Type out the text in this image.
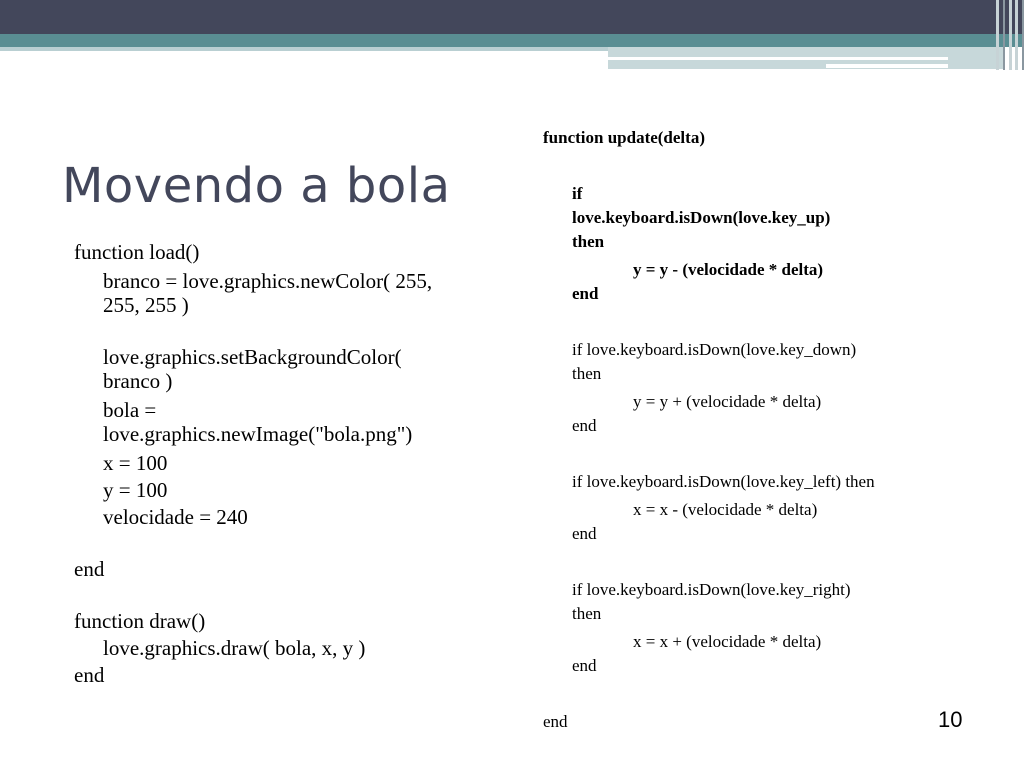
Movendo a bola
function load()
branco = love.graphics.newColor( 255,
255, 255 )
love.graphics.setBackgroundColor(
branco )
bola =
love.graphics.newImage("bola.png")
x = 100
y = 100
velocidade = 240
end
function draw()
love.graphics.draw( bola, x, y )
end
function update(delta)
if
love.keyboard.isDown(love.key_up)
then
y = y - (velocidade * delta)
end
if love.keyboard.isDown(love.key_down)
then
y = y + (velocidade * delta)
end
if love.keyboard.isDown(love.key_left) then
x = x - (velocidade * delta)
end
if love.keyboard.isDown(love.key_right)
then
x = x + (velocidade * delta)
end
end	10
